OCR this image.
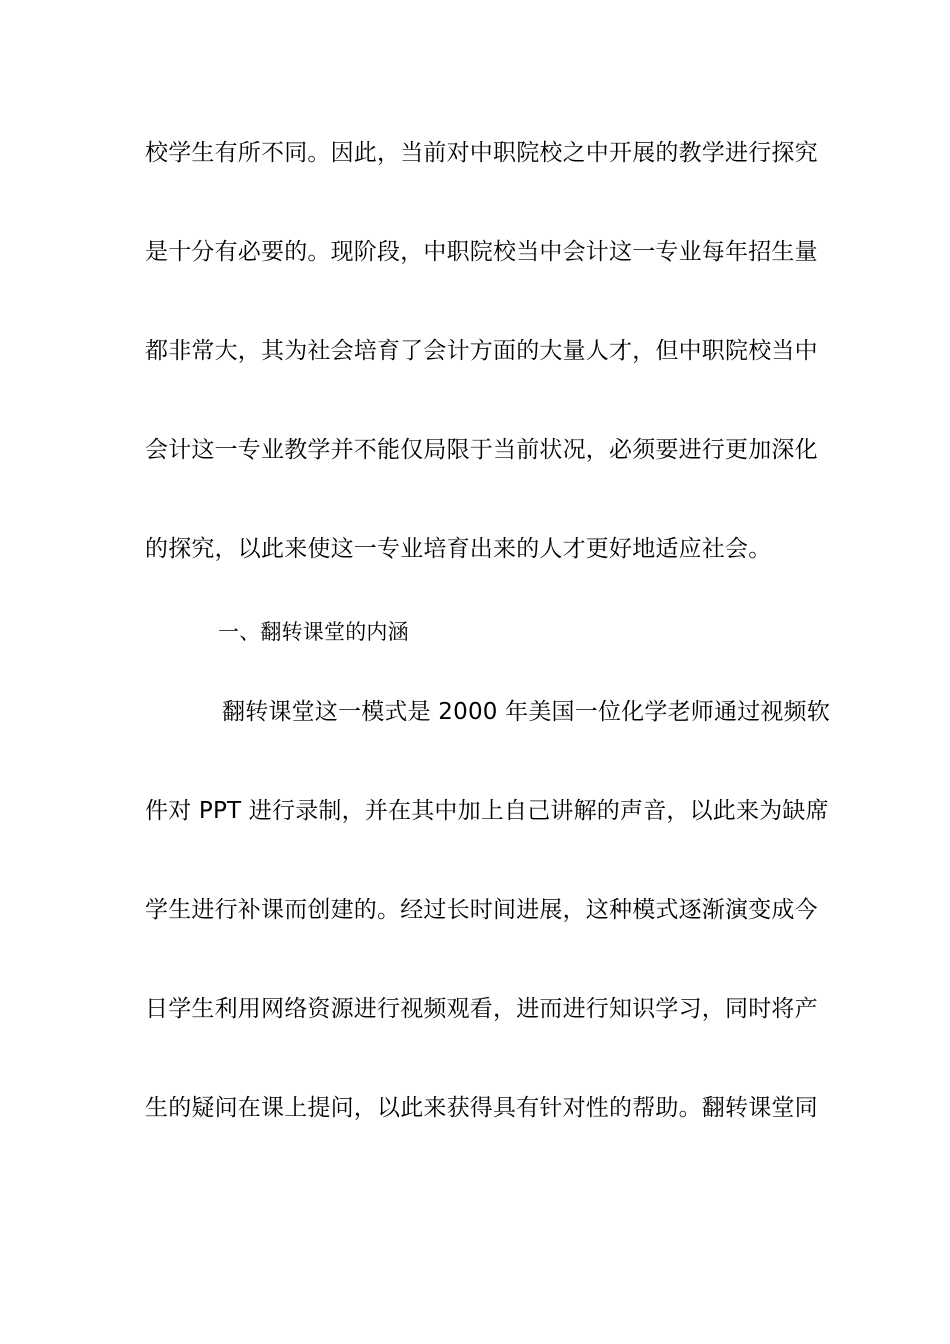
校学生有所不同。因此，当前对中职院校之中开展的教学进行探究
是十分有必要的。现阶段，中职院校当中会计这一专业每年招生量
都非常大，其为社会培育了会计方面的大量人才，但中职院校当中
会计这一专业教学并不能仅局限于当前状况，必须要进行更加深化
的探究，以此来使这一专业培育出来的人才更好地适应社会。
一、翻转课堂的内涵
翻转课堂这一模式是 2000 年美国一位化学老师通过视频软
件对 PPT 进行录制，并在其中加上自己讲解的声音，以此来为缺席
学生进行补课而创建的。经过长时间进展，这种模式逐渐演变成今
日学生利用网络资源进行视频观看，进而进行知识学习，同时将产
生的疑问在课上提问，以此来获得具有针对性的帮助。翻转课堂同
